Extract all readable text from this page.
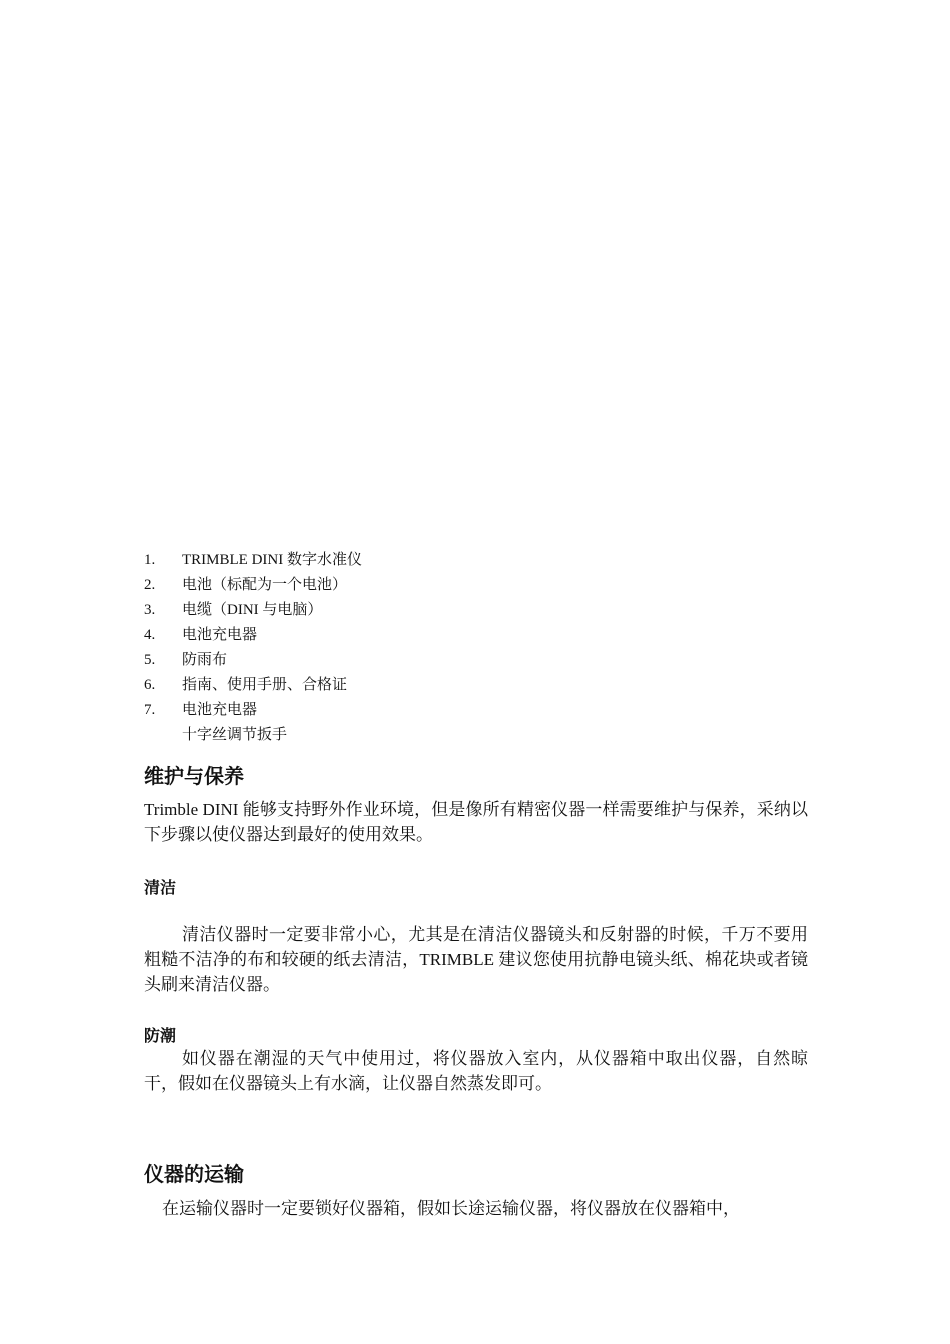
1. TRIMBLE DINI 数字水准仪
2. 电池（标配为一个电池）
3. 电缆（DINI 与电脑）
4. 电池充电器
5. 防雨布
6. 指南、使用手册、合格证
7. 电池充电器
十字丝调节扳手
维护与保养

Trimble DINI 能够支持野外作业环境，但是像所有精密仪器一样需要维护与保养，采纳以下步骤以使仪器达到最好的使用效果。

清洁

清洁仪器时一定要非常小心，尤其是在清洁仪器镜头和反射器的时候，千万不要用粗糙不洁净的布和较硬的纸去清洁，TRIMBLE 建议您使用抗静电镜头纸、棉花块或者镜头刷来清洁仪器。

防潮

如仪器在潮湿的天气中使用过，将仪器放入室内，从仪器箱中取出仪器，自然晾干，假如在仪器镜头上有水滴，让仪器自然蒸发即可。

仪器的运输

在运输仪器时一定要锁好仪器箱，假如长途运输仪器，将仪器放在仪器箱中，
